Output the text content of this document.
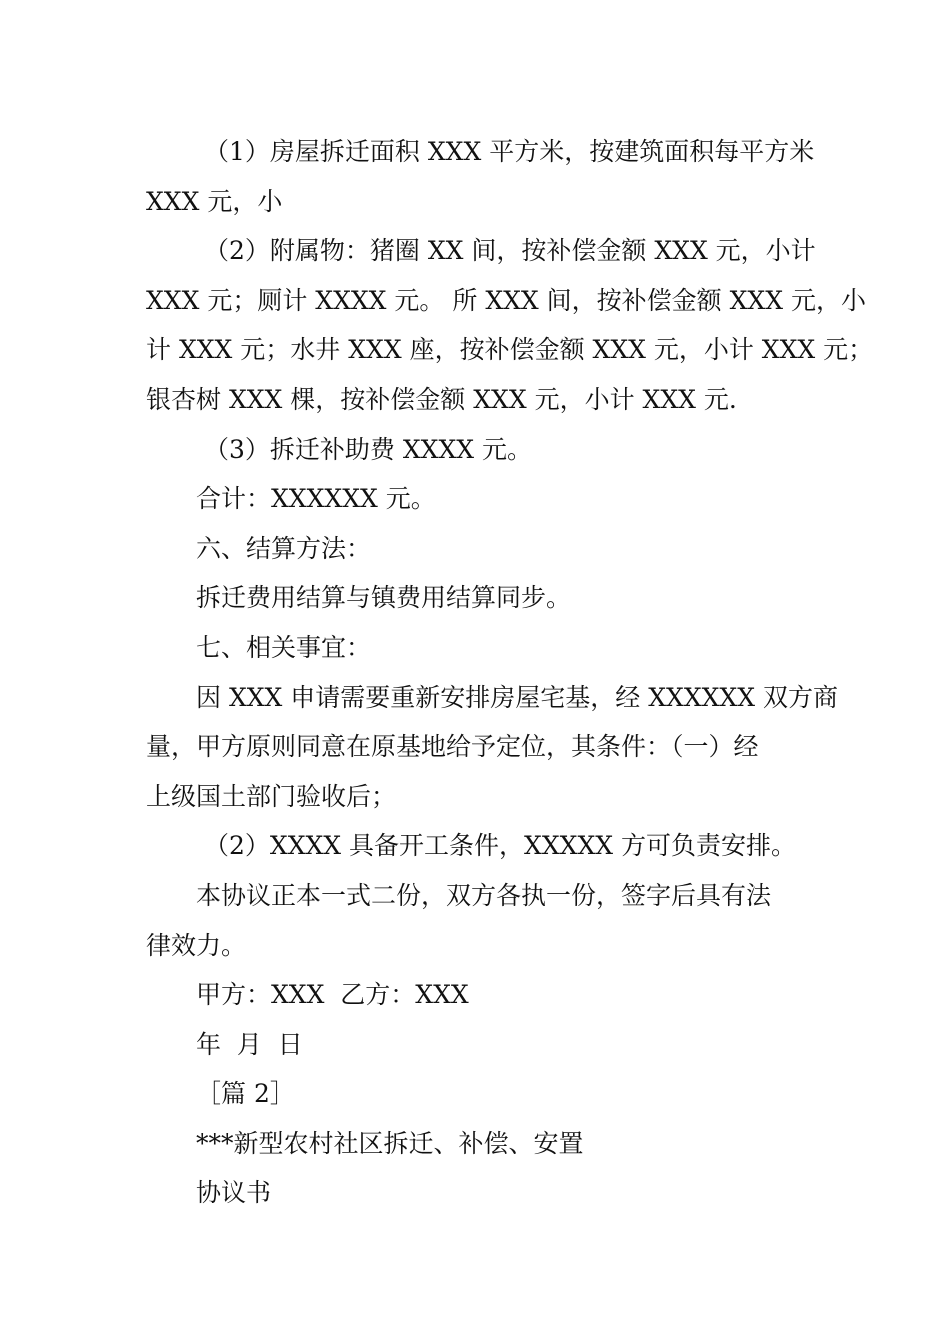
（1）房屋拆迁面积 XXX 平方米，按建筑面积每平方米
XXX 元，小

（2）附属物：猪圈 XX 间，按补偿金额 XXX 元，小计
XXX 元；厕计 XXXX 元。 所 XXX 间，按补偿金额 XXX 元，小
计 XXX 元；水井 XXX 座，按补偿金额 XXX 元，小计 XXX 元；
银杏树 XXX 棵，按补偿金额 XXX 元，小计 XXX 元.

（3）拆迁补助费 XXXX 元。

合计：XXXXXX 元。

六、结算方法：

拆迁费用结算与镇费用结算同步。

七、相关事宜：

因 XXX 申请需要重新安排房屋宅基，经 XXXXXX 双方商
量，甲方原则同意在原基地给予定位，其条件：（一）经
上级国土部门验收后；

（2）XXXX 具备开工条件，XXXXX 方可负责安排。

本协议正本一式二份，双方各执一份，签字后具有法
律效力。

甲方：XXX  乙方：XXX

年  月  日

［篇 2］

***新型农村社区拆迁、补偿、安置

协议书
